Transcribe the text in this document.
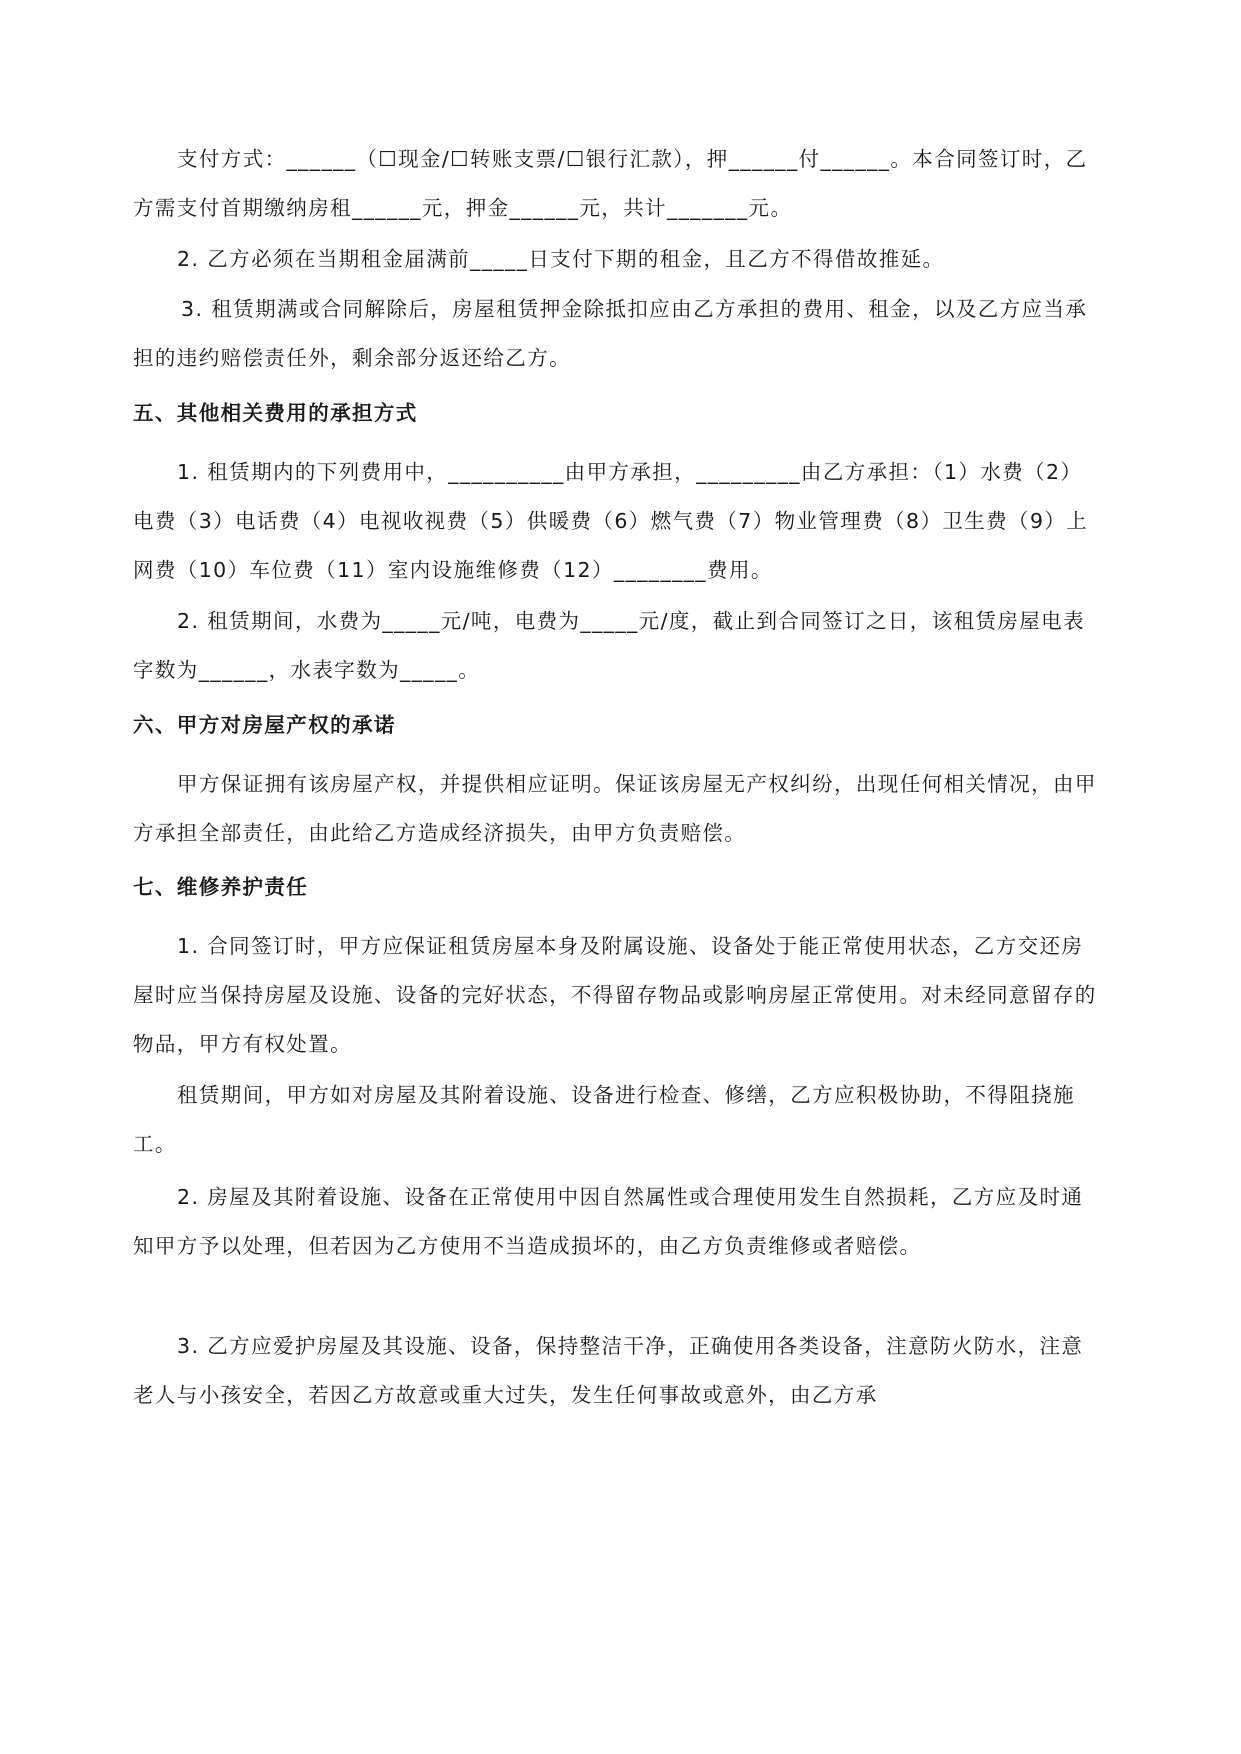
支付方式：______（☐现金/☐转账支票/☐银行汇款），押______付______。本合同签订时，乙方需支付首期缴纳房租______元，押金______元，共计_______元。

2. 乙方必须在当期租金届满前_____日支付下期的租金，且乙方不得借故推延。

3. 租赁期满或合同解除后，房屋租赁押金除抵扣应由乙方承担的费用、租金，以及乙方应当承担的违约赔偿责任外，剩余部分返还给乙方。

五、其他相关费用的承担方式

1. 租赁期内的下列费用中，__________由甲方承担，_________由乙方承担：（1）水费（2）电费（3）电话费（4）电视收视费（5）供暖费（6）燃气费（7）物业管理费（8）卫生费（9）上网费（10）车位费（11）室内设施维修费（12）________费用。

2. 租赁期间，水费为_____元/吨，电费为_____元/度，截止到合同签订之日，该租赁房屋电表字数为______，水表字数为_____。

六、甲方对房屋产权的承诺

甲方保证拥有该房屋产权，并提供相应证明。保证该房屋无产权纠纷，出现任何相关情况，由甲方承担全部责任，由此给乙方造成经济损失，由甲方负责赔偿。

七、维修养护责任

1. 合同签订时，甲方应保证租赁房屋本身及附属设施、设备处于能正常使用状态，乙方交还房屋时应当保持房屋及设施、设备的完好状态，不得留存物品或影响房屋正常使用。对未经同意留存的物品，甲方有权处置。

租赁期间，甲方如对房屋及其附着设施、设备进行检查、修缮，乙方应积极协助，不得阻挠施工。

2. 房屋及其附着设施、设备在正常使用中因自然属性或合理使用发生自然损耗，乙方应及时通知甲方予以处理，但若因为乙方使用不当造成损坏的，由乙方负责维修或者赔偿。

3. 乙方应爱护房屋及其设施、设备，保持整洁干净，正确使用各类设备，注意防火防水，注意老人与小孩安全，若因乙方故意或重大过失，发生任何事故或意外，由乙方承
